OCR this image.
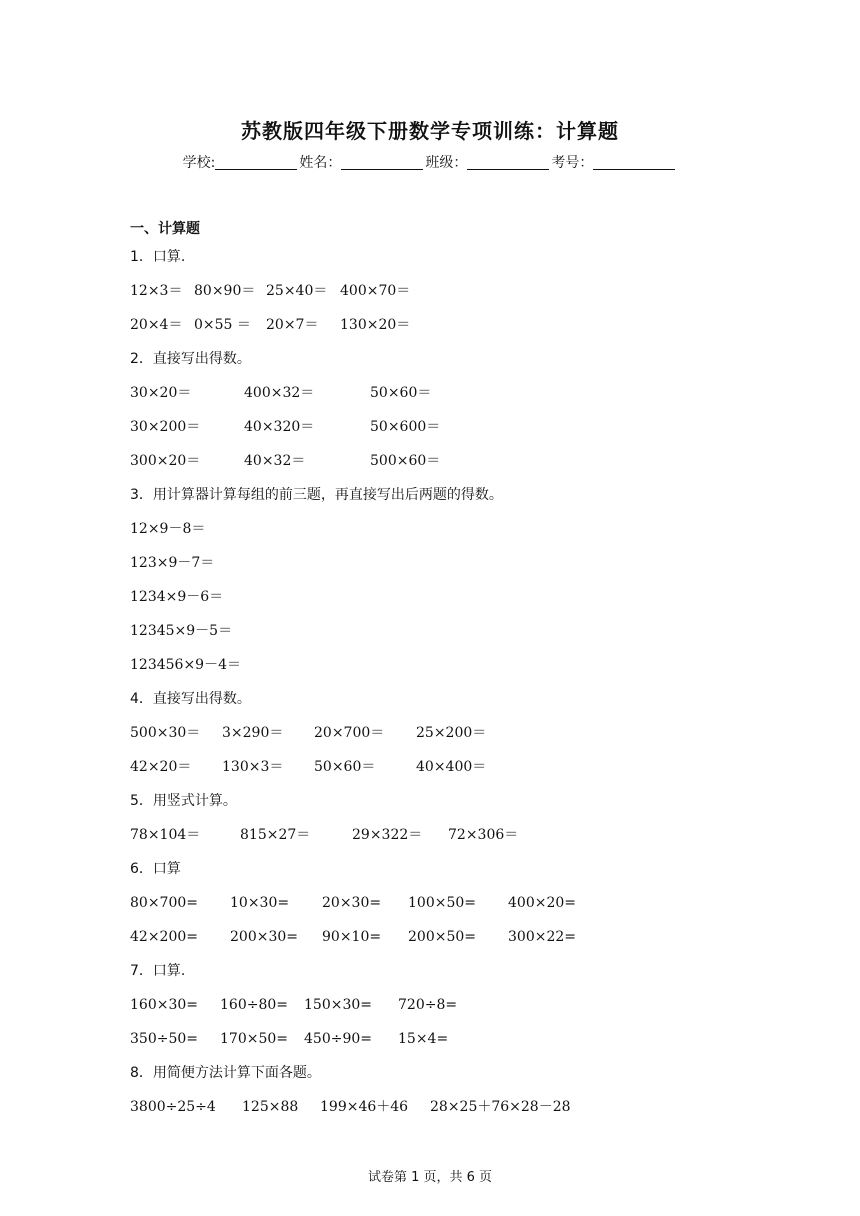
苏教版四年级下册数学专项训练：计算题
学校:	姓名：	班级：	考号：
一、计算题
1．口算.
12×3＝ 80×90＝ 25×40＝ 400×70＝
20×4＝ 0×55 ＝ 20×7＝ 130×20＝
2．直接写出得数。
30×20＝	400×32＝	50×60＝
30×200＝	40×320＝	50×600＝
300×20＝	40×32＝	500×60＝
3．用计算器计算每组的前三题，再直接写出后两题的得数。
12×9－8＝
123×9－7＝
1234×9－6＝
12345×9－5＝
123456×9－4＝
4．直接写出得数。
500×30＝ 3×290＝ 20×700＝ 25×200＝
42×20＝ 130×3＝ 50×60＝	40×400＝
5．用竖式计算。
78×104＝	815×27＝	29×322＝ 72×306＝
6．口算
80×700= 10×30= 20×30= 100×50= 400×20=
42×200= 200×30= 90×10= 200×50= 300×22=
7．口算.
160×30= 160÷80= 150×30= 720÷8=
350÷50= 170×50= 450÷90= 15×4=
8．用简便方法计算下面各题。
3800÷25÷4 125×88 199×46＋46 28×25＋76×28－28
试卷第 1 页，共 6 页
